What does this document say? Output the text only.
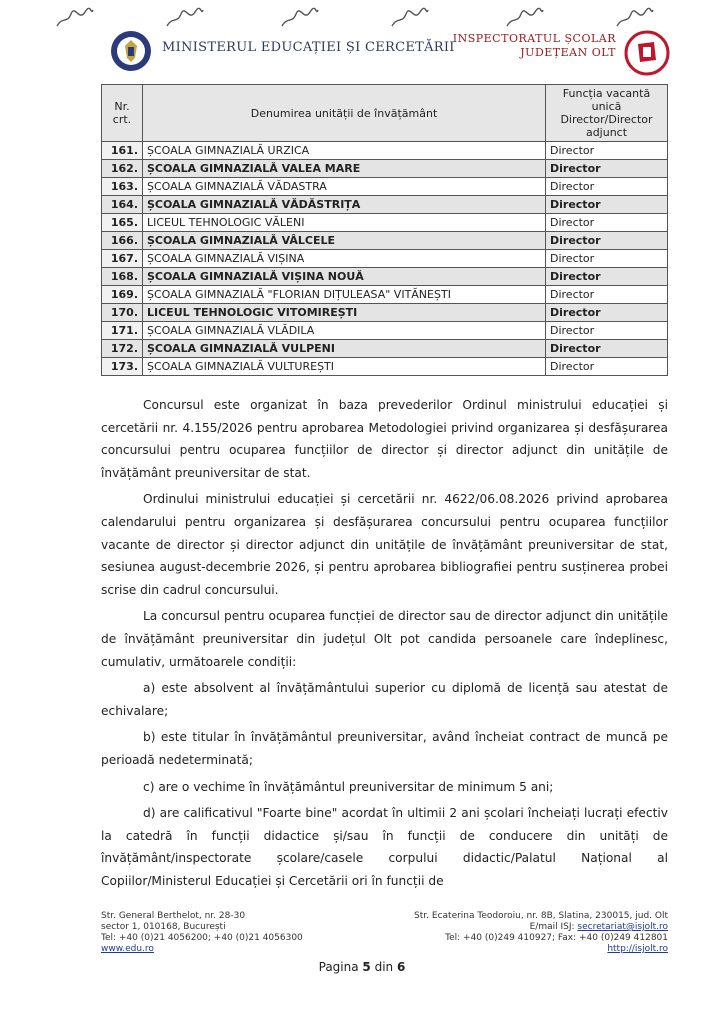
MINISTERUL EDUCAȚIEI ȘI CERCETĂRII
INSPECTORATUL ȘCOLAR
JUDEȚEAN OLT
Nr. crt.	Denumirea unității de învățământ	Funcția vacantă unică Director/Director adjunct
161.	ȘCOALA GIMNAZIALĂ URZICA	Director
162.	ȘCOALA GIMNAZIALĂ VALEA MARE	Director
163.	ȘCOALA GIMNAZIALĂ VĂDASTRA	Director
164.	ȘCOALA GIMNAZIALĂ VĂDĂSTRIȚA	Director
165.	LICEUL TEHNOLOGIC VĂLENI	Director
166.	ȘCOALA GIMNAZIALĂ VÂLCELE	Director
167.	ȘCOALA GIMNAZIALĂ VIȘINA	Director
168.	ȘCOALA GIMNAZIALĂ VIȘINA NOUĂ	Director
169.	ȘCOALA GIMNAZIALĂ "FLORIAN DIȚULEASA" VITĂNEȘTI	Director
170.	LICEUL TEHNOLOGIC VITOMIREȘTI	Director
171.	ȘCOALA GIMNAZIALĂ VLĂDILA	Director
172.	ȘCOALA GIMNAZIALĂ VULPENI	Director
173.	ȘCOALA GIMNAZIALĂ VULTUREȘTI	Director

Concursul este organizat în baza prevederilor Ordinul ministrului educației și cercetării nr. 4.155/2026 pentru aprobarea Metodologiei privind organizarea și desfășurarea concursului pentru ocuparea funcțiilor de director și director adjunct din unitățile de învățământ preuniversitar de stat.

Ordinului ministrului educației și cercetării nr. 4622/06.08.2026 privind aprobarea calendarului pentru organizarea și desfășurarea concursului pentru ocuparea funcțiilor vacante de director și director adjunct din unitățile de învățământ preuniversitar de stat, sesiunea august-decembrie 2026, și pentru aprobarea bibliografiei pentru susținerea probei scrise din cadrul concursului.

La concursul pentru ocuparea funcției de director sau de director adjunct din unitățile de învățământ preuniversitar din județul Olt pot candida persoanele care îndeplinesc, cumulativ, următoarele condiții:

a) este absolvent al învățământului superior cu diplomă de licență sau atestat de echivalare;

b) este titular în învățământul preuniversitar, având încheiat contract de muncă pe perioadă nedeterminată;

c) are o vechime în învățământul preuniversitar de minimum 5 ani;

d) are calificativul "Foarte bine" acordat în ultimii 2 ani școlari încheiați lucrați efectiv la catedră în funcții didactice și/sau în funcții de conducere din unități de învățământ/inspectorate școlare/casele corpului didactic/Palatul Național al Copiilor/Ministerul Educației și Cercetării ori în funcții de

Str. General Berthelot, nr. 28-30
sector 1, 010168, București
Tel: +40 (0)21 4056200; +40 (0)21 4056300
www.edu.ro
Str. Ecaterina Teodoroiu, nr. 8B, Slatina, 230015, jud. Olt
E/mail ISJ: secretariat@isjolt.ro
Tel: +40 (0)249 410927; Fax: +40 (0)249 412801
http://isjolt.ro
Pagina 5 din 6
